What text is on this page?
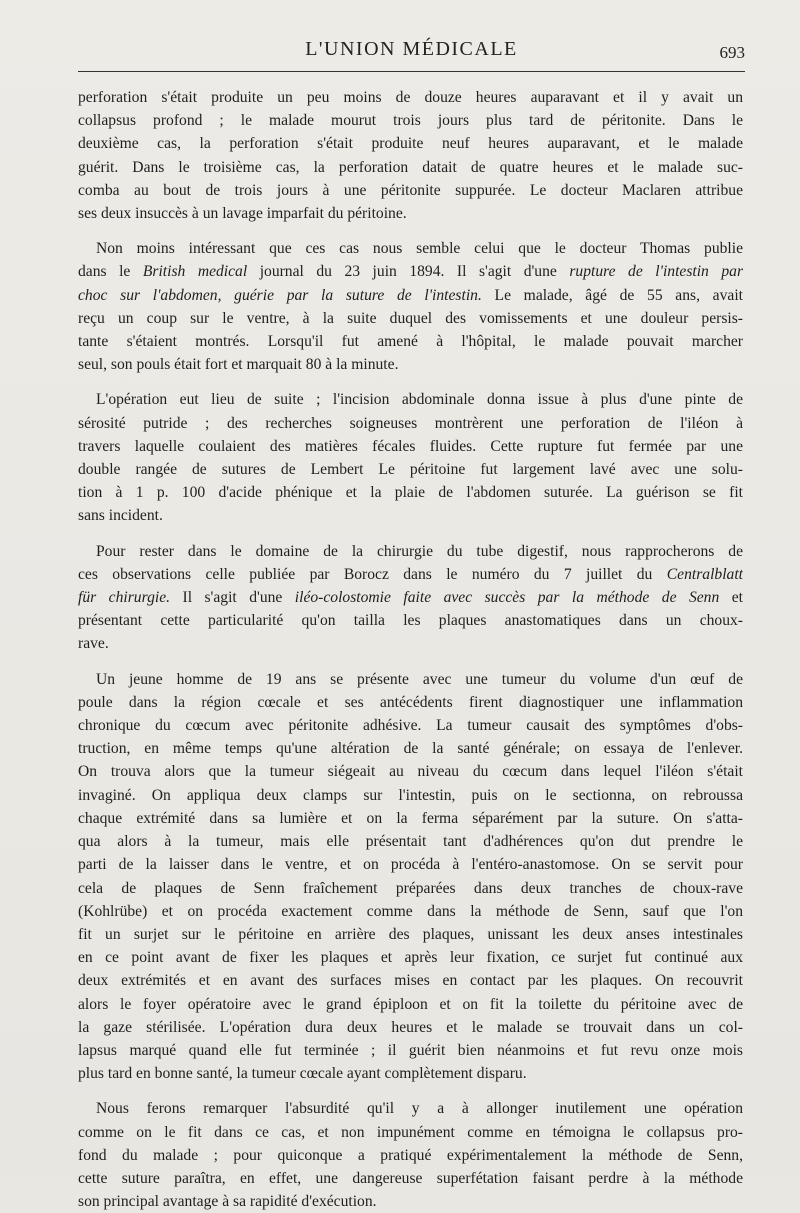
L'UNION MÉDICALE	693
perforation s'était produite un peu moins de douze heures auparavant et il y avait un
collapsus profond ; le malade mourut trois jours plus tard de péritonite. Dans le
deuxième cas, la perforation s'était produite neuf heures auparavant, et le malade
guérit. Dans le troisième cas, la perforation datait de quatre heures et le malade suc-
comba au bout de trois jours à une péritonite suppurée. Le docteur Maclaren attribue
ses deux insuccès à un lavage imparfait du péritoine.
Non moins intéressant que ces cas nous semble celui que le docteur Thomas publie
dans le British medical journal du 23 juin 1894. Il s'agit d'une rupture de l'intestin par
choc sur l'abdomen, guérie par la suture de l'intestin. Le malade, âgé de 55 ans, avait
reçu un coup sur le ventre, à la suite duquel des vomissements et une douleur persis-
tante s'étaient montrés. Lorsqu'il fut amené à l'hôpital, le malade pouvait marcher
seul, son pouls était fort et marquait 80 à la minute.
L'opération eut lieu de suite ; l'incision abdominale donna issue à plus d'une pinte de
sérosité putride ; des recherches soigneuses montrèrent une perforation de l'iléon à
travers laquelle coulaient des matières fécales fluides. Cette rupture fut fermée par une
double rangée de sutures de Lembert Le péritoine fut largement lavé avec une solu-
tion à 1 p. 100 d'acide phénique et la plaie de l'abdomen suturée. La guérison se fit
sans incident.
Pour rester dans le domaine de la chirurgie du tube digestif, nous rapprocherons de
ces observations celle publiée par Borocz dans le numéro du 7 juillet du Centralblatt
für chirurgie. Il s'agit d'une iléo-colostomie faite avec succès par la méthode de Senn et
présentant cette particularité qu'on tailla les plaques anastomatiques dans un choux-
rave.
Un jeune homme de 19 ans se présente avec une tumeur du volume d'un œuf de
poule dans la région cœcale et ses antécédents firent diagnostiquer une inflammation
chronique du cœcum avec péritonite adhésive. La tumeur causait des symptômes d'obs-
truction, en même temps qu'une altération de la santé générale; on essaya de l'enlever.
On trouva alors que la tumeur siégeait au niveau du cœcum dans lequel l'iléon s'était
invaginé. On appliqua deux clamps sur l'intestin, puis on le sectionna, on rebroussa
chaque extrémité dans sa lumière et on la ferma séparément par la suture. On s'atta-
qua alors à la tumeur, mais elle présentait tant d'adhérences qu'on dut prendre le
parti de la laisser dans le ventre, et on procéda à l'entéro-anastomose. On se servit pour
cela de plaques de Senn fraîchement préparées dans deux tranches de choux-rave
(Kohlrübe) et on procéda exactement comme dans la méthode de Senn, sauf que l'on
fit un surjet sur le péritoine en arrière des plaques, unissant les deux anses intestinales
en ce point avant de fixer les plaques et après leur fixation, ce surjet fut continué aux
deux extrémités et en avant des surfaces mises en contact par les plaques. On recouvrit
alors le foyer opératoire avec le grand épiploon et on fit la toilette du péritoine avec de
la gaze stérilisée. L'opération dura deux heures et le malade se trouvait dans un col-
lapsus marqué quand elle fut terminée ; il guérit bien néanmoins et fut revu onze mois
plus tard en bonne santé, la tumeur cœcale ayant complètement disparu.
Nous ferons remarquer l'absurdité qu'il y a à allonger inutilement une opération
comme on le fit dans ce cas, et non impunément comme en témoigna le collapsus pro-
fond du malade ; pour quiconque a pratiqué expérimentalement la méthode de Senn,
cette suture paraîtra, en effet, une dangereuse superfétation faisant perdre à la méthode
son principal avantage à sa rapidité d'exécution.
